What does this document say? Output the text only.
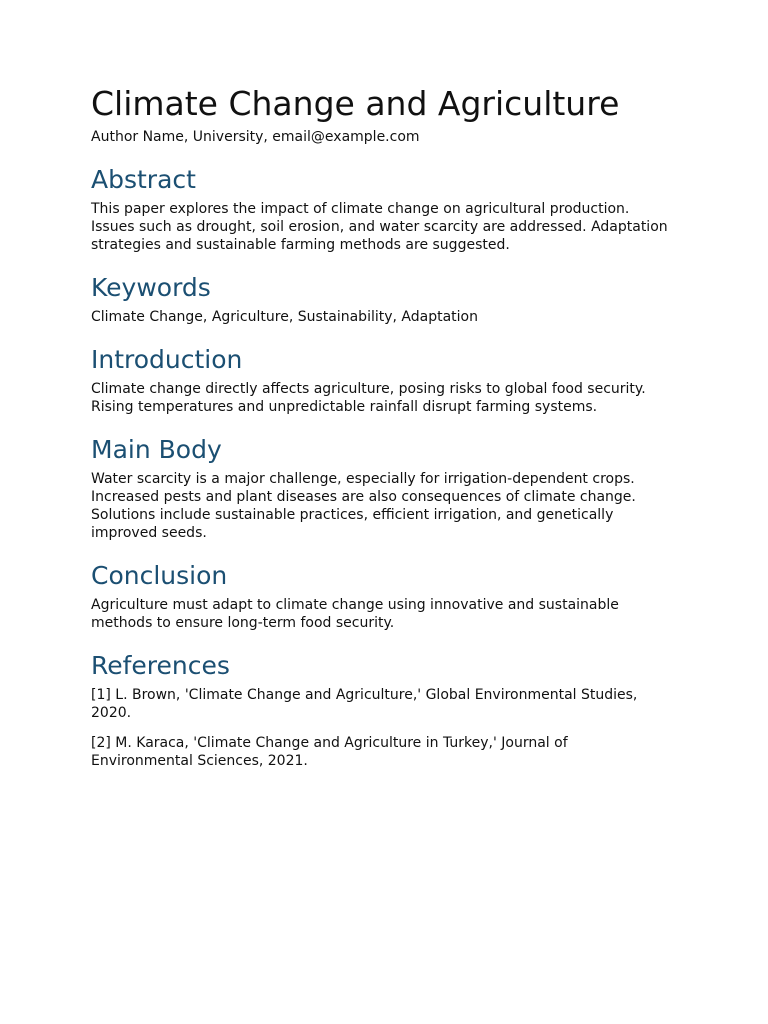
Climate Change and Agriculture

Author Name, University, email@example.com

Abstract

This paper explores the impact of climate change on agricultural production. Issues such as drought, soil erosion, and water scarcity are addressed. Adaptation strategies and sustainable farming methods are suggested.

Keywords

Climate Change, Agriculture, Sustainability, Adaptation

Introduction

Climate change directly affects agriculture, posing risks to global food security. Rising temperatures and unpredictable rainfall disrupt farming systems.

Main Body

Water scarcity is a major challenge, especially for irrigation-dependent crops. Increased pests and plant diseases are also consequences of climate change. Solutions include sustainable practices, efficient irrigation, and genetically improved seeds.

Conclusion

Agriculture must adapt to climate change using innovative and sustainable methods to ensure long-term food security.

References

[1] L. Brown, 'Climate Change and Agriculture,' Global Environmental Studies, 2020.

[2] M. Karaca, 'Climate Change and Agriculture in Turkey,' Journal of Environmental Sciences, 2021.
